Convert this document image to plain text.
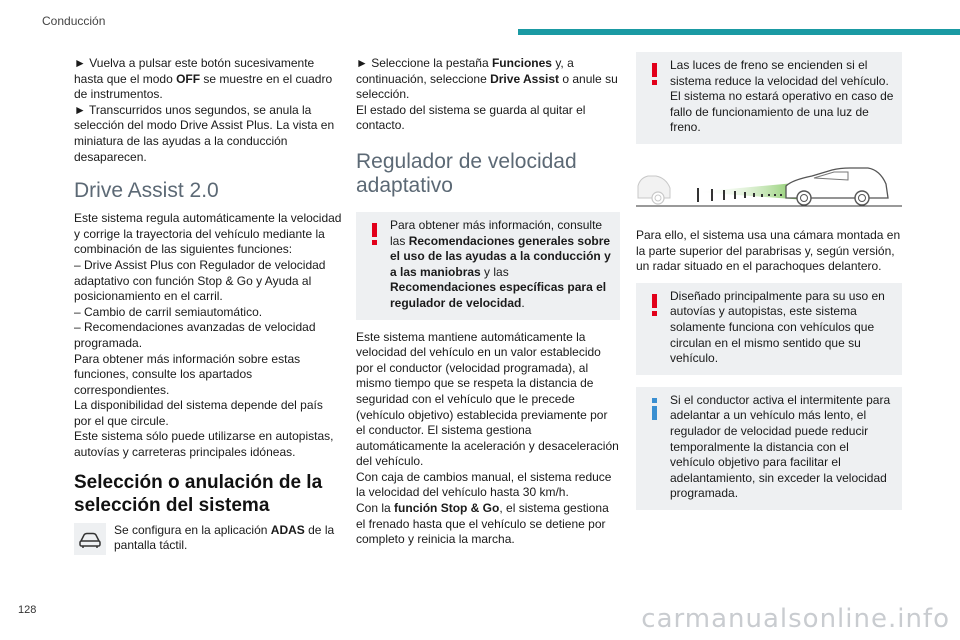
Conducción

► Vuelva a pulsar este botón sucesivamente hasta que el modo OFF se muestre en el cuadro de instrumentos.

► Transcurridos unos segundos, se anula la selección del modo Drive Assist Plus. La vista en miniatura de las ayudas a la conducción desaparecen.

Drive Assist 2.0

Este sistema regula automáticamente la velocidad y corrige la trayectoria del vehículo mediante la combinación de las siguientes funciones:

– Drive Assist Plus con Regulador de velocidad adaptativo con función Stop & Go y Ayuda al posicionamiento en el carril.

– Cambio de carril semiautomático.

– Recomendaciones avanzadas de velocidad programada.

Para obtener más información sobre estas funciones, consulte los apartados correspondientes.

La disponibilidad del sistema depende del país por el que circule.

Este sistema sólo puede utilizarse en autopistas, autovías y carreteras principales idóneas.

Selección o anulación de la selección del sistema
Se configura en la aplicación ADAS de la pantalla táctil.

► Seleccione la pestaña Funciones y, a continuación, seleccione Drive Assist o anule su selección.

El estado del sistema se guarda al quitar el contacto.

Regulador de velocidad adaptativo
Para obtener más información, consulte las Recomendaciones generales sobre el uso de las ayudas a la conducción y a las maniobras y las Recomendaciones específicas para el regulador de velocidad.

Este sistema mantiene automáticamente la velocidad del vehículo en un valor establecido por el conductor (velocidad programada), al mismo tiempo que se respeta la distancia de seguridad con el vehículo que le precede (vehículo objetivo) establecida previamente por el conductor. El sistema gestiona automáticamente la aceleración y desaceleración del vehículo.

Con caja de cambios manual, el sistema reduce la velocidad del vehículo hasta 30 km/h.

Con la función Stop & Go, el sistema gestiona el frenado hasta que el vehículo se detiene por completo y reinicia la marcha.

Las luces de freno se encienden si el sistema reduce la velocidad del vehículo. El sistema no estará operativo en caso de fallo de funcionamiento de una luz de freno.

Para ello, el sistema usa una cámara montada en la parte superior del parabrisas y, según versión, un radar situado en el parachoques delantero.

Diseñado principalmente para su uso en autovías y autopistas, este sistema solamente funciona con vehículos que circulan en el mismo sentido que su vehículo.
Si el conductor activa el intermitente para adelantar a un vehículo más lento, el regulador de velocidad puede reducir temporalmente la distancia con el vehículo objetivo para facilitar el adelantamiento, sin exceder la velocidad programada.
128	carmanualsonline.info
